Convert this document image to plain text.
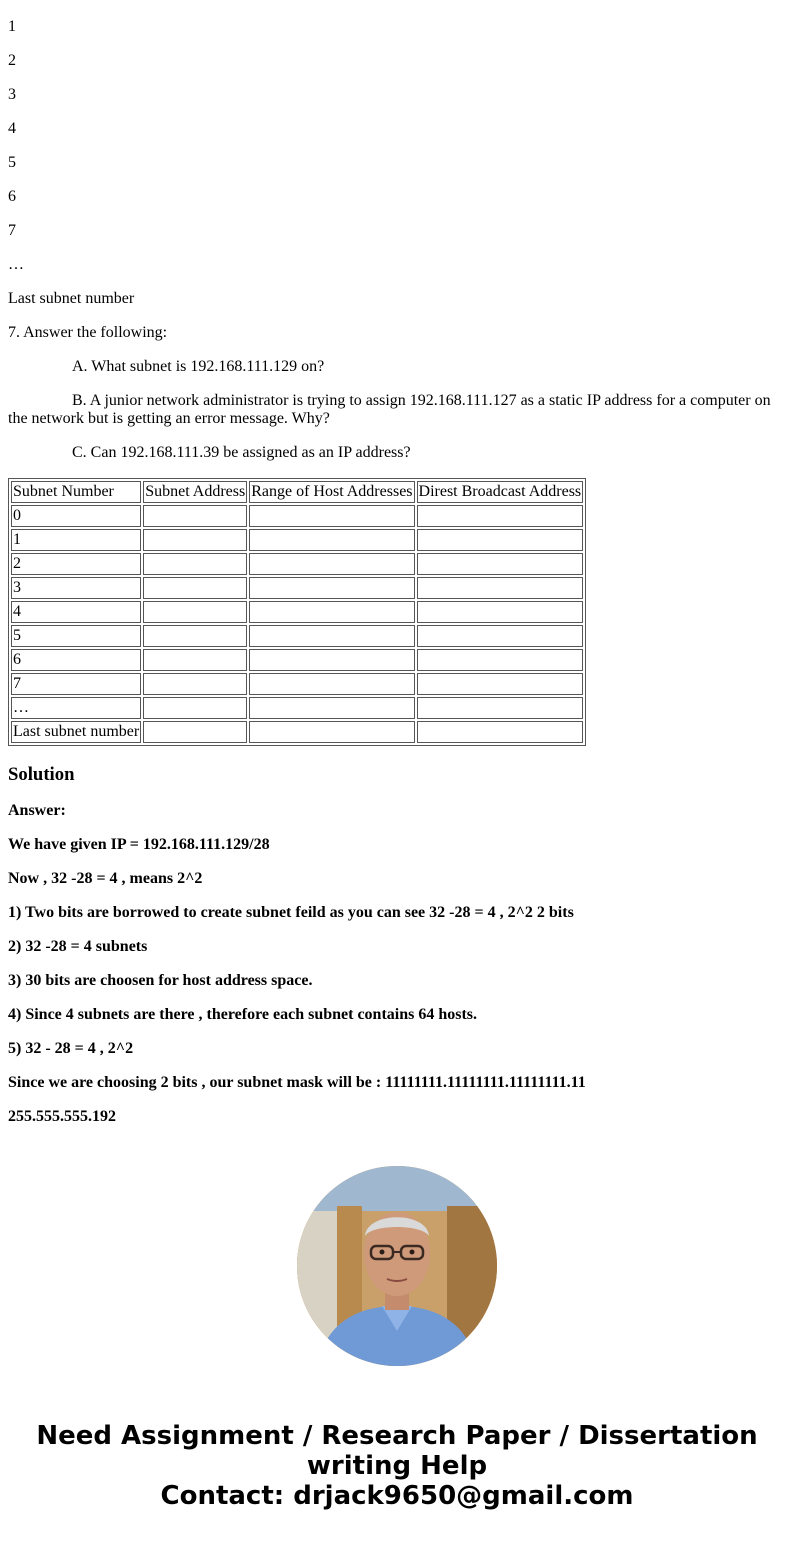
1

2

3

4

5

6

7

…

Last subnet number

7. Answer the following:

A. What subnet is 192.168.111.129 on?

B. A junior network administrator is trying to assign 192.168.111.127 as a static IP address for a computer on the network but is getting an error message. Why?

C. Can 192.168.111.39 be assigned as an IP address?

Subnet Number	Subnet Address	Range of Host Addresses	Direst Broadcast Address
0			
1			
2			
3			
4			
5			
6			
7			
…			
Last subnet number			
Solution

Answer:

We have given IP = 192.168.111.129/28

Now , 32 -28 = 4 , means 2^2

1) Two bits are borrowed to create subnet feild as you can see 32 -28 = 4 , 2^2 2 bits

2) 32 -28 = 4 subnets

3) 30 bits are choosen for host address space.

4) Since 4 subnets are there , therefore each subnet contains 64 hosts.

5) 32 - 28 = 4 , 2^2

Since we are choosing 2 bits , our subnet mask will be : 11111111.11111111.11111111.11

255.555.555.192

Need Assignment / Research Paper / Dissertation
writing Help
Contact: drjack9650@gmail.com
